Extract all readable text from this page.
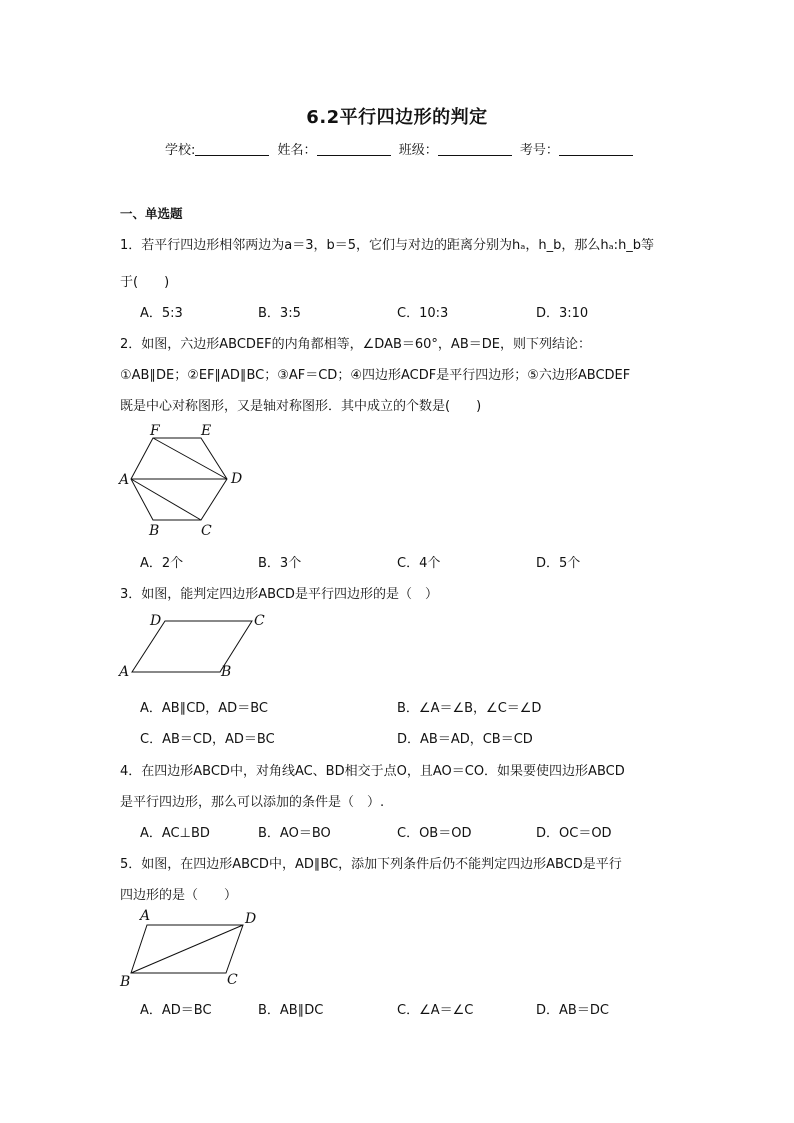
6.2平行四边形的判定
学校:	姓名：	班级：	考号：
一、单选题
1．若平行四边形相邻两边为a＝3，b＝5，它们与对边的距离分别为hₐ，h_b，那么hₐ:h_b等
于(　　)
A．5:3	B．3:5	C．10:3	D．3:10
2．如图，六边形ABCDEF的内角都相等，∠DAB＝60°，AB＝DE，则下列结论：
①AB∥DE；②EF∥AD∥BC；③AF＝CD；④四边形ACDF是平行四边形；⑤六边形ABCDEF
既是中心对称图形，又是轴对称图形．其中成立的个数是(　　)
F	E
A	D
B	C
A．2个	B．3个	C．4个	D．5个
3．如图，能判定四边形ABCD是平行四边形的是（　）
D	C
A	B
A．AB∥CD，AD＝BC	B．∠A＝∠B，∠C＝∠D
C．AB＝CD，AD＝BC	D．AB＝AD，CB＝CD
4．在四边形ABCD中，对角线AC、BD相交于点O，且AO＝CO．如果要使四边形ABCD
是平行四边形，那么可以添加的条件是（　）.
A．AC⊥BD	B．AO＝BO	C．OB＝OD	D．OC＝OD
5．如图，在四边形ABCD中，AD∥BC，添加下列条件后仍不能判定四边形ABCD是平行
四边形的是（　　）
A	D
B	C
A．AD＝BC	B．AB∥DC	C．∠A＝∠C	D．AB＝DC
